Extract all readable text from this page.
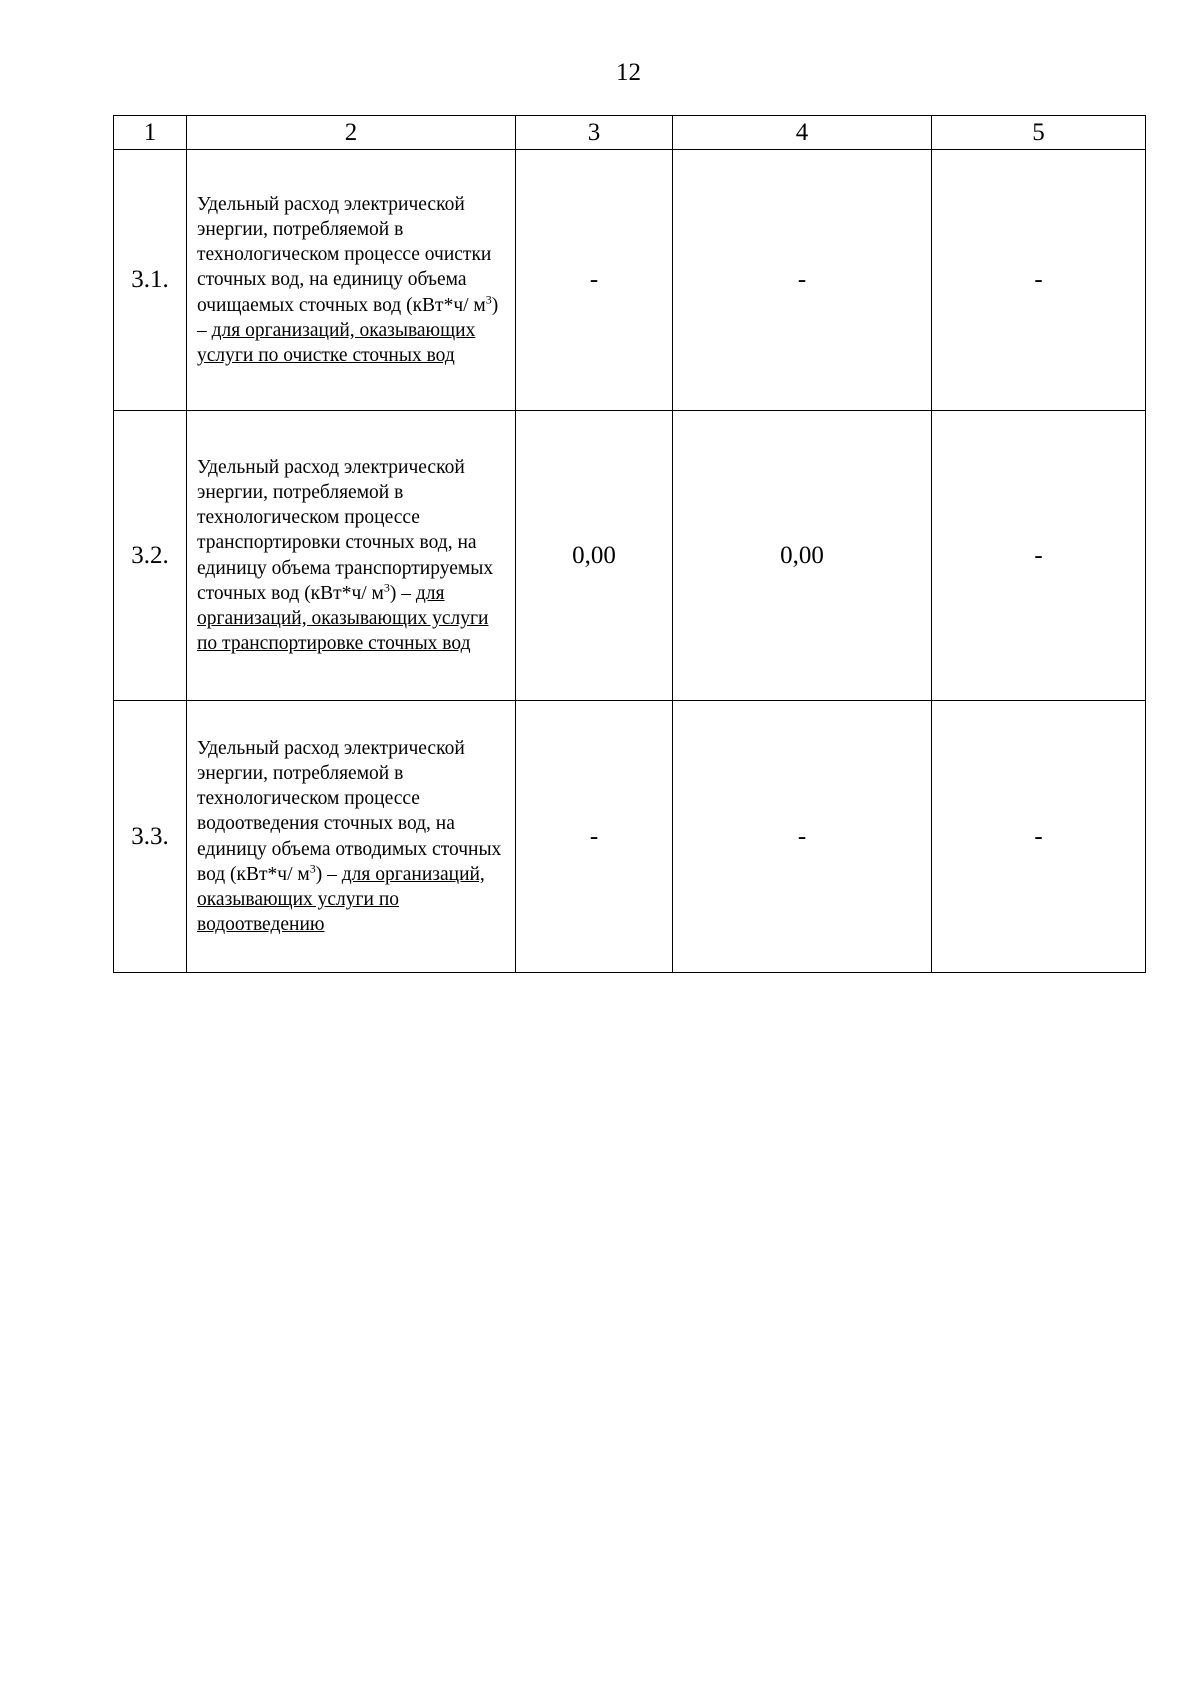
12
1	2	3	4	5
3.1.	Удельный расход электрической энергии, потребляемой в технологическом процессе очистки сточных вод, на единицу объема очищаемых сточных вод (кВт*ч/ $м^3$) – для организаций, оказывающих услуги по очистке сточных вод	-	-	-
3.2.	Удельный расход электрической энергии, потребляемой в технологическом процессе транспортировки сточных вод, на единицу объема транспортируемых сточных вод (кВт*ч/ $м^3$) – для организаций, оказывающих услуги по транспортировке сточных вод	0,00	0,00	-
3.3.	Удельный расход электрической энергии, потребляемой в технологическом процессе водоотведения сточных вод, на единицу объема отводимых сточных вод (кВт*ч/ $м^3$) – для организаций, оказывающих услуги по водоотведению	-	-	-
